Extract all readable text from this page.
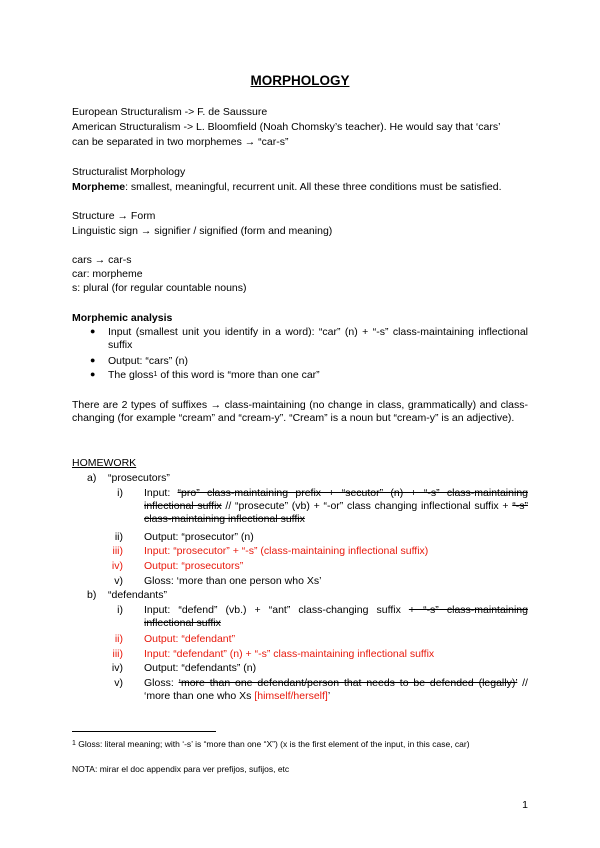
MORPHOLOGY
European Structuralism -> F. de Saussure
American Structuralism -> L. Bloomfield (Noah Chomsky’s teacher). He would say that ‘cars’
can be separated in two morphemes → “car-s”
Structuralist Morphology
Morpheme: smallest, meaningful, recurrent unit. All these three conditions must be satisfied.
Structure → Form
Linguistic sign → signifier / signified (form and meaning)
cars → car-s
car: morpheme
s: plural (for regular countable nouns)
Morphemic analysis
● Input (smallest unit you identify in a word): “car” (n) + “-s” class-maintaining inflectional suffix
● Output: “cars” (n)
● The gloss$^1$ of this word is “more than one car”
There are 2 types of suffixes → class-maintaining (no change in class, grammatically) and class-changing (for example “cream” and “cream-y”. “Cream” is a noun but “cream-y” is an adjective).
HOMEWORK
a) “prosecutors”
i) Input: “pro” class-maintaining prefix + “secutor” (n) + “-s” class-maintaining inflectional suffix // “prosecute” (vb) + “-or” class changing inflectional suffix + “-s” class-maintaining inflectional suffix
ii) Output: “prosecutor” (n)
iii) Input: “prosecutor” + “-s” (class-maintaining inflectional suffix)
iv) Output: “prosecutors”
v) Gloss: ‘more than one person who Xs’
b) “defendants”
i) Input: “defend” (vb.) + “ant” class-changing suffix + “-s” class-maintaining inflectional suffix
ii) Output: “defendant”
iii) Input: “defendant” (n) + “-s” class-maintaining inflectional suffix
iv) Output: “defendants” (n)
v) Gloss: ‘more than one defendant/person that needs to be defended (legally)’ // ‘more than one who Xs [himself/herself]’
$^1$ Gloss: literal meaning; with ‘-s’ is “more than one “X”) (x is the first element of the input, in this case, car)
NOTA: mirar el doc appendix para ver prefijos, sufijos, etc
1
